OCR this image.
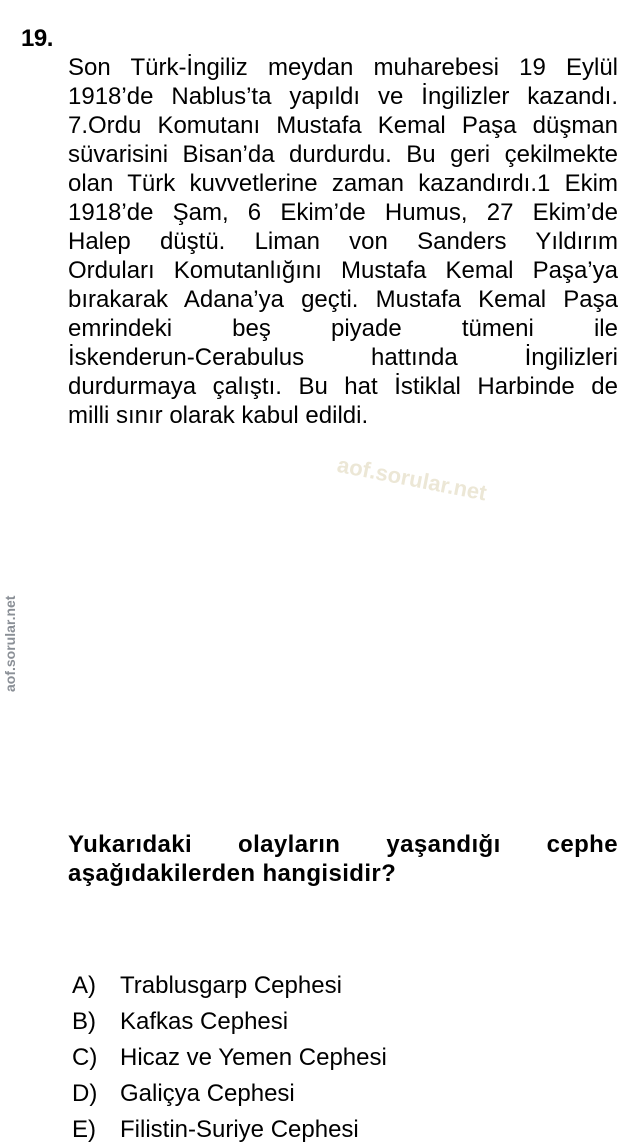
aof.sorular.net
aof.sorular.net
19.
Son Türk-İngiliz meydan muharebesi 19 Eylül
1918’de Nablus’ta yapıldı ve İngilizler kazandı.
7.Ordu Komutanı Mustafa Kemal Paşa düşman
süvarisini Bisan’da durdurdu. Bu geri çekilmekte
olan Türk kuvvetlerine zaman kazandırdı.1 Ekim
1918’de Şam, 6 Ekim’de Humus, 27 Ekim’de
Halep düştü. Liman von Sanders Yıldırım
Orduları Komutanlığını Mustafa Kemal Paşa’ya
bırakarak Adana’ya geçti. Mustafa Kemal Paşa
emrindeki beş piyade tümeni ile
İskenderun-Cerabulus hattında İngilizleri
durdurmaya çalıştı. Bu hat İstiklal Harbinde de
milli sınır olarak kabul edildi.
Yukarıdaki olayların yaşandığı cephe
aşağıdakilerden hangisidir?
A)	Trablusgarp Cephesi
B)	Kafkas Cephesi
C) Hicaz ve Yemen Cephesi
D) Galiçya Cephesi
E)	Filistin-Suriye Cephesi
